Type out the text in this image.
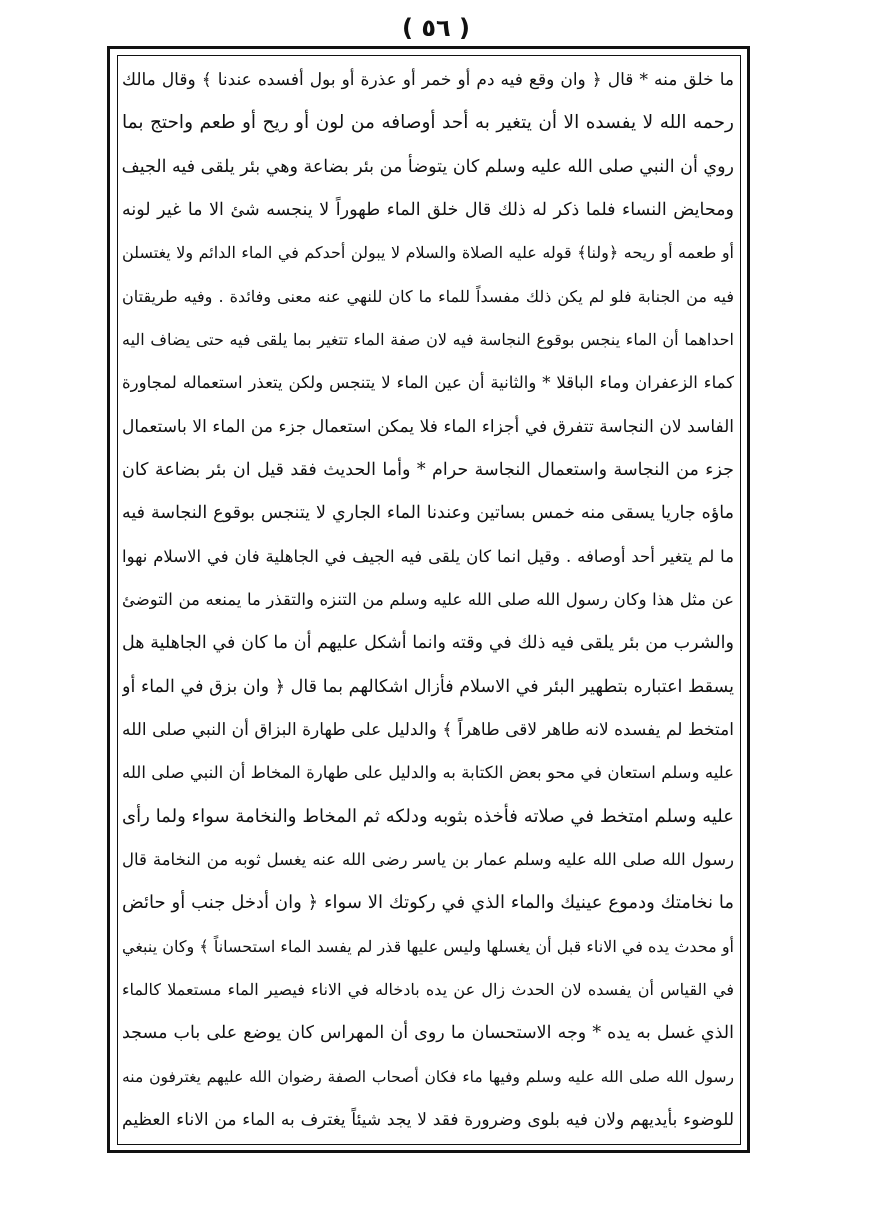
( ٥٦ )
ما خلق منه * قال ﴿ وان وقع فيه دم أو خمر أو عذرة أو بول أفسده عندنا ﴾ وقال مالك
رحمه الله لا يفسده الا أن يتغير به أحد أوصافه من لون أو ريح أو طعم واحتج بما
روي أن النبي صلى الله عليه وسلم كان يتوضأ من بئر بضاعة وهي بئر يلقى فيه الجيف
ومحايض النساء فلما ذكر له ذلك قال خلق الماء طهوراً لا ينجسه شئ الا ما غير لونه
أو طعمه أو ريحه ﴿ولنا﴾ قوله عليه الصلاة والسلام لا يبولن أحدكم في الماء الدائم ولا يغتسلن
فيه من الجنابة فلو لم يكن ذلك مفسداً للماء ما كان للنهي عنه معنى وفائدة . وفيه طريقتان
احداهما أن الماء ينجس بوقوع النجاسة فيه لان صفة الماء تتغير بما يلقى فيه حتى يضاف اليه
كماء الزعفران وماء الباقلا * والثانية أن عين الماء لا يتنجس ولكن يتعذر استعماله لمجاورة
الفاسد لان النجاسة تتفرق في أجزاء الماء فلا يمكن استعمال جزء من الماء الا باستعمال
جزء من النجاسة واستعمال النجاسة حرام * وأما الحديث فقد قيل ان بئر بضاعة كان
ماؤه جاريا يسقى منه خمس بساتين وعندنا الماء الجاري لا يتنجس بوقوع النجاسة فيه
ما لم يتغير أحد أوصافه . وقيل انما كان يلقى فيه الجيف في الجاهلية فان في الاسلام نهوا
عن مثل هذا وكان رسول الله صلى الله عليه وسلم من التنزه والتقذر ما يمنعه من التوضئ
والشرب من بئر يلقى فيه ذلك في وقته وانما أشكل عليهم أن ما كان في الجاهلية هل
يسقط اعتباره بتطهير البئر في الاسلام فأزال اشكالهم بما قال ﴿ وان بزق في الماء أو
امتخط لم يفسده لانه طاهر لاقى طاهراً ﴾ والدليل على طهارة البزاق أن النبي صلى الله
عليه وسلم استعان في محو بعض الكتابة به والدليل على طهارة المخاط أن النبي صلى الله
عليه وسلم امتخط في صلاته فأخذه بثوبه ودلكه ثم المخاط والنخامة سواء ولما رأى
رسول الله صلى الله عليه وسلم عمار بن ياسر رضى الله عنه يغسل ثوبه من النخامة قال
ما نخامتك ودموع عينيك والماء الذي في ركوتك الا سواء ﴿ وان أدخل جنب أو حائض
أو محدث يده في الاناء قبل أن يغسلها وليس عليها قذر لم يفسد الماء استحساناً ﴾ وكان ينبغي
في القياس أن يفسده لان الحدث زال عن يده بادخاله في الاناء فيصير الماء مستعملا كالماء
الذي غسل به يده * وجه الاستحسان ما روى أن المهراس كان يوضع على باب مسجد
رسول الله صلى الله عليه وسلم وفيها ماء فكان أصحاب الصفة رضوان الله عليهم يغترفون منه
للوضوء بأيديهم ولان فيه بلوى وضرورة فقد لا يجد شيئاً يغترف به الماء من الاناء العظيم
